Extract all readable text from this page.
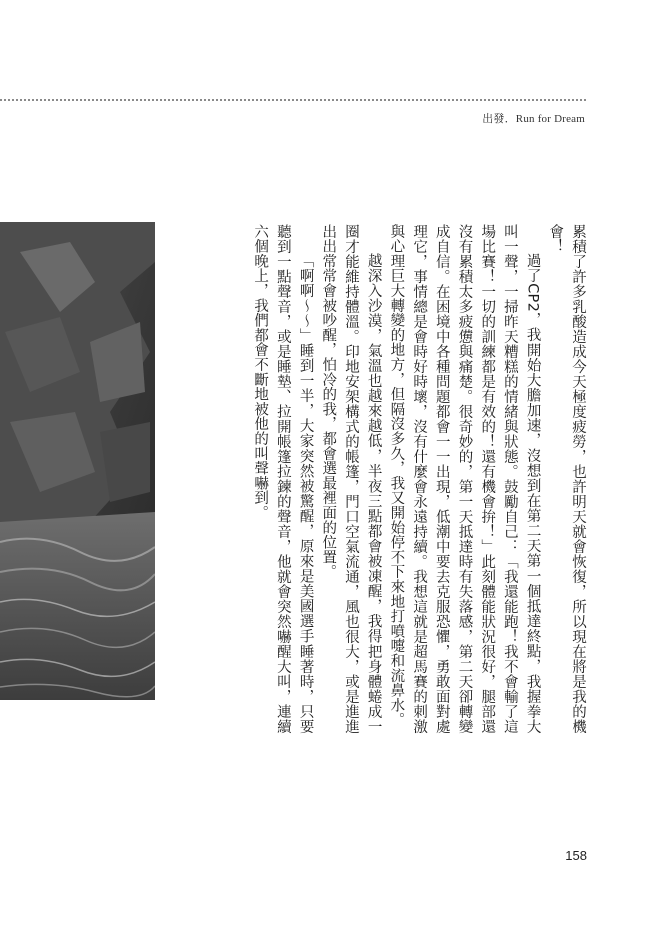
出發．Run for Dream

累積了許多乳酸造成今天極度疲勞，也許明天就會恢復，所以現在將是我的機會！

過了CP2，我開始大膽加速，沒想到在第二天第一個抵達終點，我握拳大叫一聲，一掃昨天糟糕的情緒與狀態。鼓勵自己：「我還能跑！我不會輸了這場比賽！一切的訓練都是有效的！還有機會拚！」此刻體能狀況很好，腿部還沒有累積太多疲憊與痛楚。很奇妙的，第一天抵達時有失落感，第二天卻轉變成自信。在困境中各種問題都會一一出現，低潮中要去克服恐懼，勇敢面對處理它，事情總是會時好時壞，沒有什麼會永遠持續。我想這就是超馬賽的刺激與心理巨大轉變的地方，但隔沒多久，我又開始停不下來地打噴嚏和流鼻水。

越深入沙漠，氣溫也越來越低，半夜三點都會被凍醒，我得把身體蜷成一圈才能維持體溫。印地安架構式的帳篷，門口空氣流通，風也很大，或是進進出出常常會被吵醒，怕冷的我，都會選最裡面的位置。

「啊啊～～」睡到一半，大家突然被驚醒，原來是美國選手睡著時，只要聽到一點聲音，或是睡墊、拉開帳篷拉鍊的聲音，他就會突然嚇醒大叫，連續六個晚上，我們都會不斷地被他的叫聲嚇到。

158
